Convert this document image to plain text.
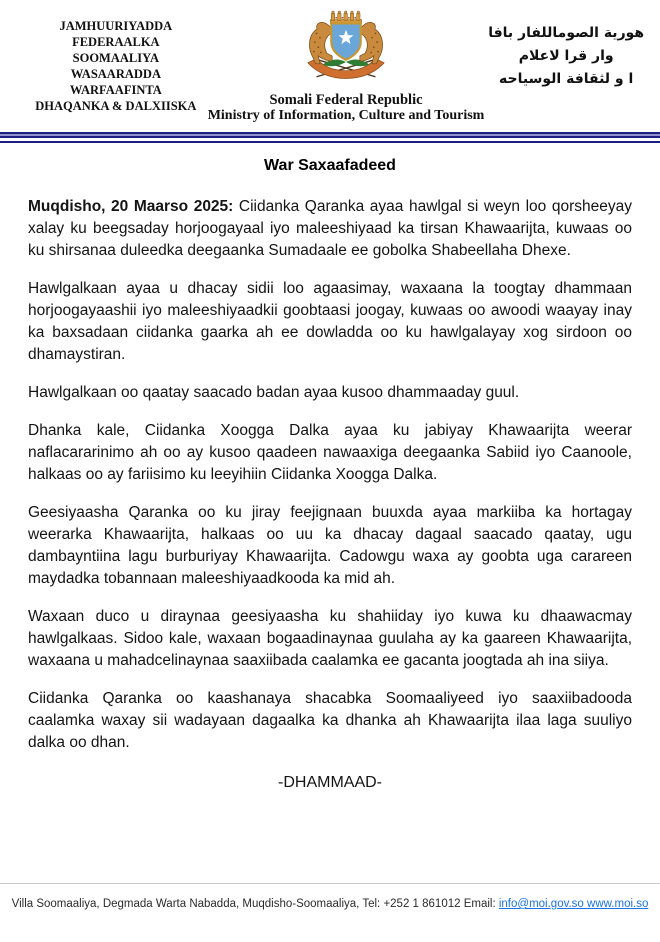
JAMHUURIYADDA FEDERAALKA
SOOMAALIYA
WASAARADDA WARFAAFINTA
DHAQANKA & DALXIISKA	Somali Federal Republic
Ministry of Information, Culture and Tourism
هورية الصوماللفار بافا
وار قرا لاعلام
ا و لثقافة الوسياحه
War Saxaafadeed

Muqdisho, 20 Maarso 2025: Ciidanka Qaranka ayaa hawlgal si weyn loo qorsheeyay xalay ku beegsaday horjoogayaal iyo maleeshiyaad ka tirsan Khawaarijta, kuwaas oo ku shirsanaa duleedka deegaanka Sumadaale ee gobolka Shabeellaha Dhexe.

Hawlgalkaan ayaa u dhacay sidii loo agaasimay, waxaana la toogtay dhammaan horjoogayaashii iyo maleeshiyaadkii goobtaasi joogay, kuwaas oo awoodi waayay inay ka baxsadaan ciidanka gaarka ah ee dowladda oo ku hawlgalayay xog sirdoon oo dhamaystiran.

Hawlgalkaan oo qaatay saacado badan ayaa kusoo dhammaaday guul.

Dhanka kale, Ciidanka Xoogga Dalka ayaa ku jabiyay Khawaarijta weerar naflacararinimo ah oo ay kusoo qaadeen nawaaxiga deegaanka Sabiid iyo Caanoole, halkaas oo ay fariisimo ku leeyihiin Ciidanka Xoogga Dalka.

Geesiyaasha Qaranka oo ku jiray feejignaan buuxda ayaa markiiba ka hortagay weerarka Khawaarijta, halkaas oo uu ka dhacay dagaal saacado qaatay, ugu dambayntiina lagu burburiyay Khawaarijta. Cadowgu waxa ay goobta uga carareen maydadka tobannaan maleeshiyaadkooda ka mid ah.

Waxaan duco u diraynaa geesiyaasha ku shahiiday iyo kuwa ku dhaawacmay hawlgalkaas. Sidoo kale, waxaan bogaadinaynaa guulaha ay ka gaareen Khawaarijta, waxaana u mahadcelinaynaa saaxiibada caalamka ee gacanta joogtada ah ina siiya.

Ciidanka Qaranka oo kaashanaya shacabka Soomaaliyeed iyo saaxiibadooda caalamka waxay sii wadayaan dagaalka ka dhanka ah Khawaarijta ilaa laga suuliyo dalka oo dhan.

-DHAMMAAD-
Villa Soomaaliya, Degmada Warta Nabadda, Muqdisho-Soomaaliya, Tel: +252 1 861012 Email: info@moi.gov.so www.moi.so
